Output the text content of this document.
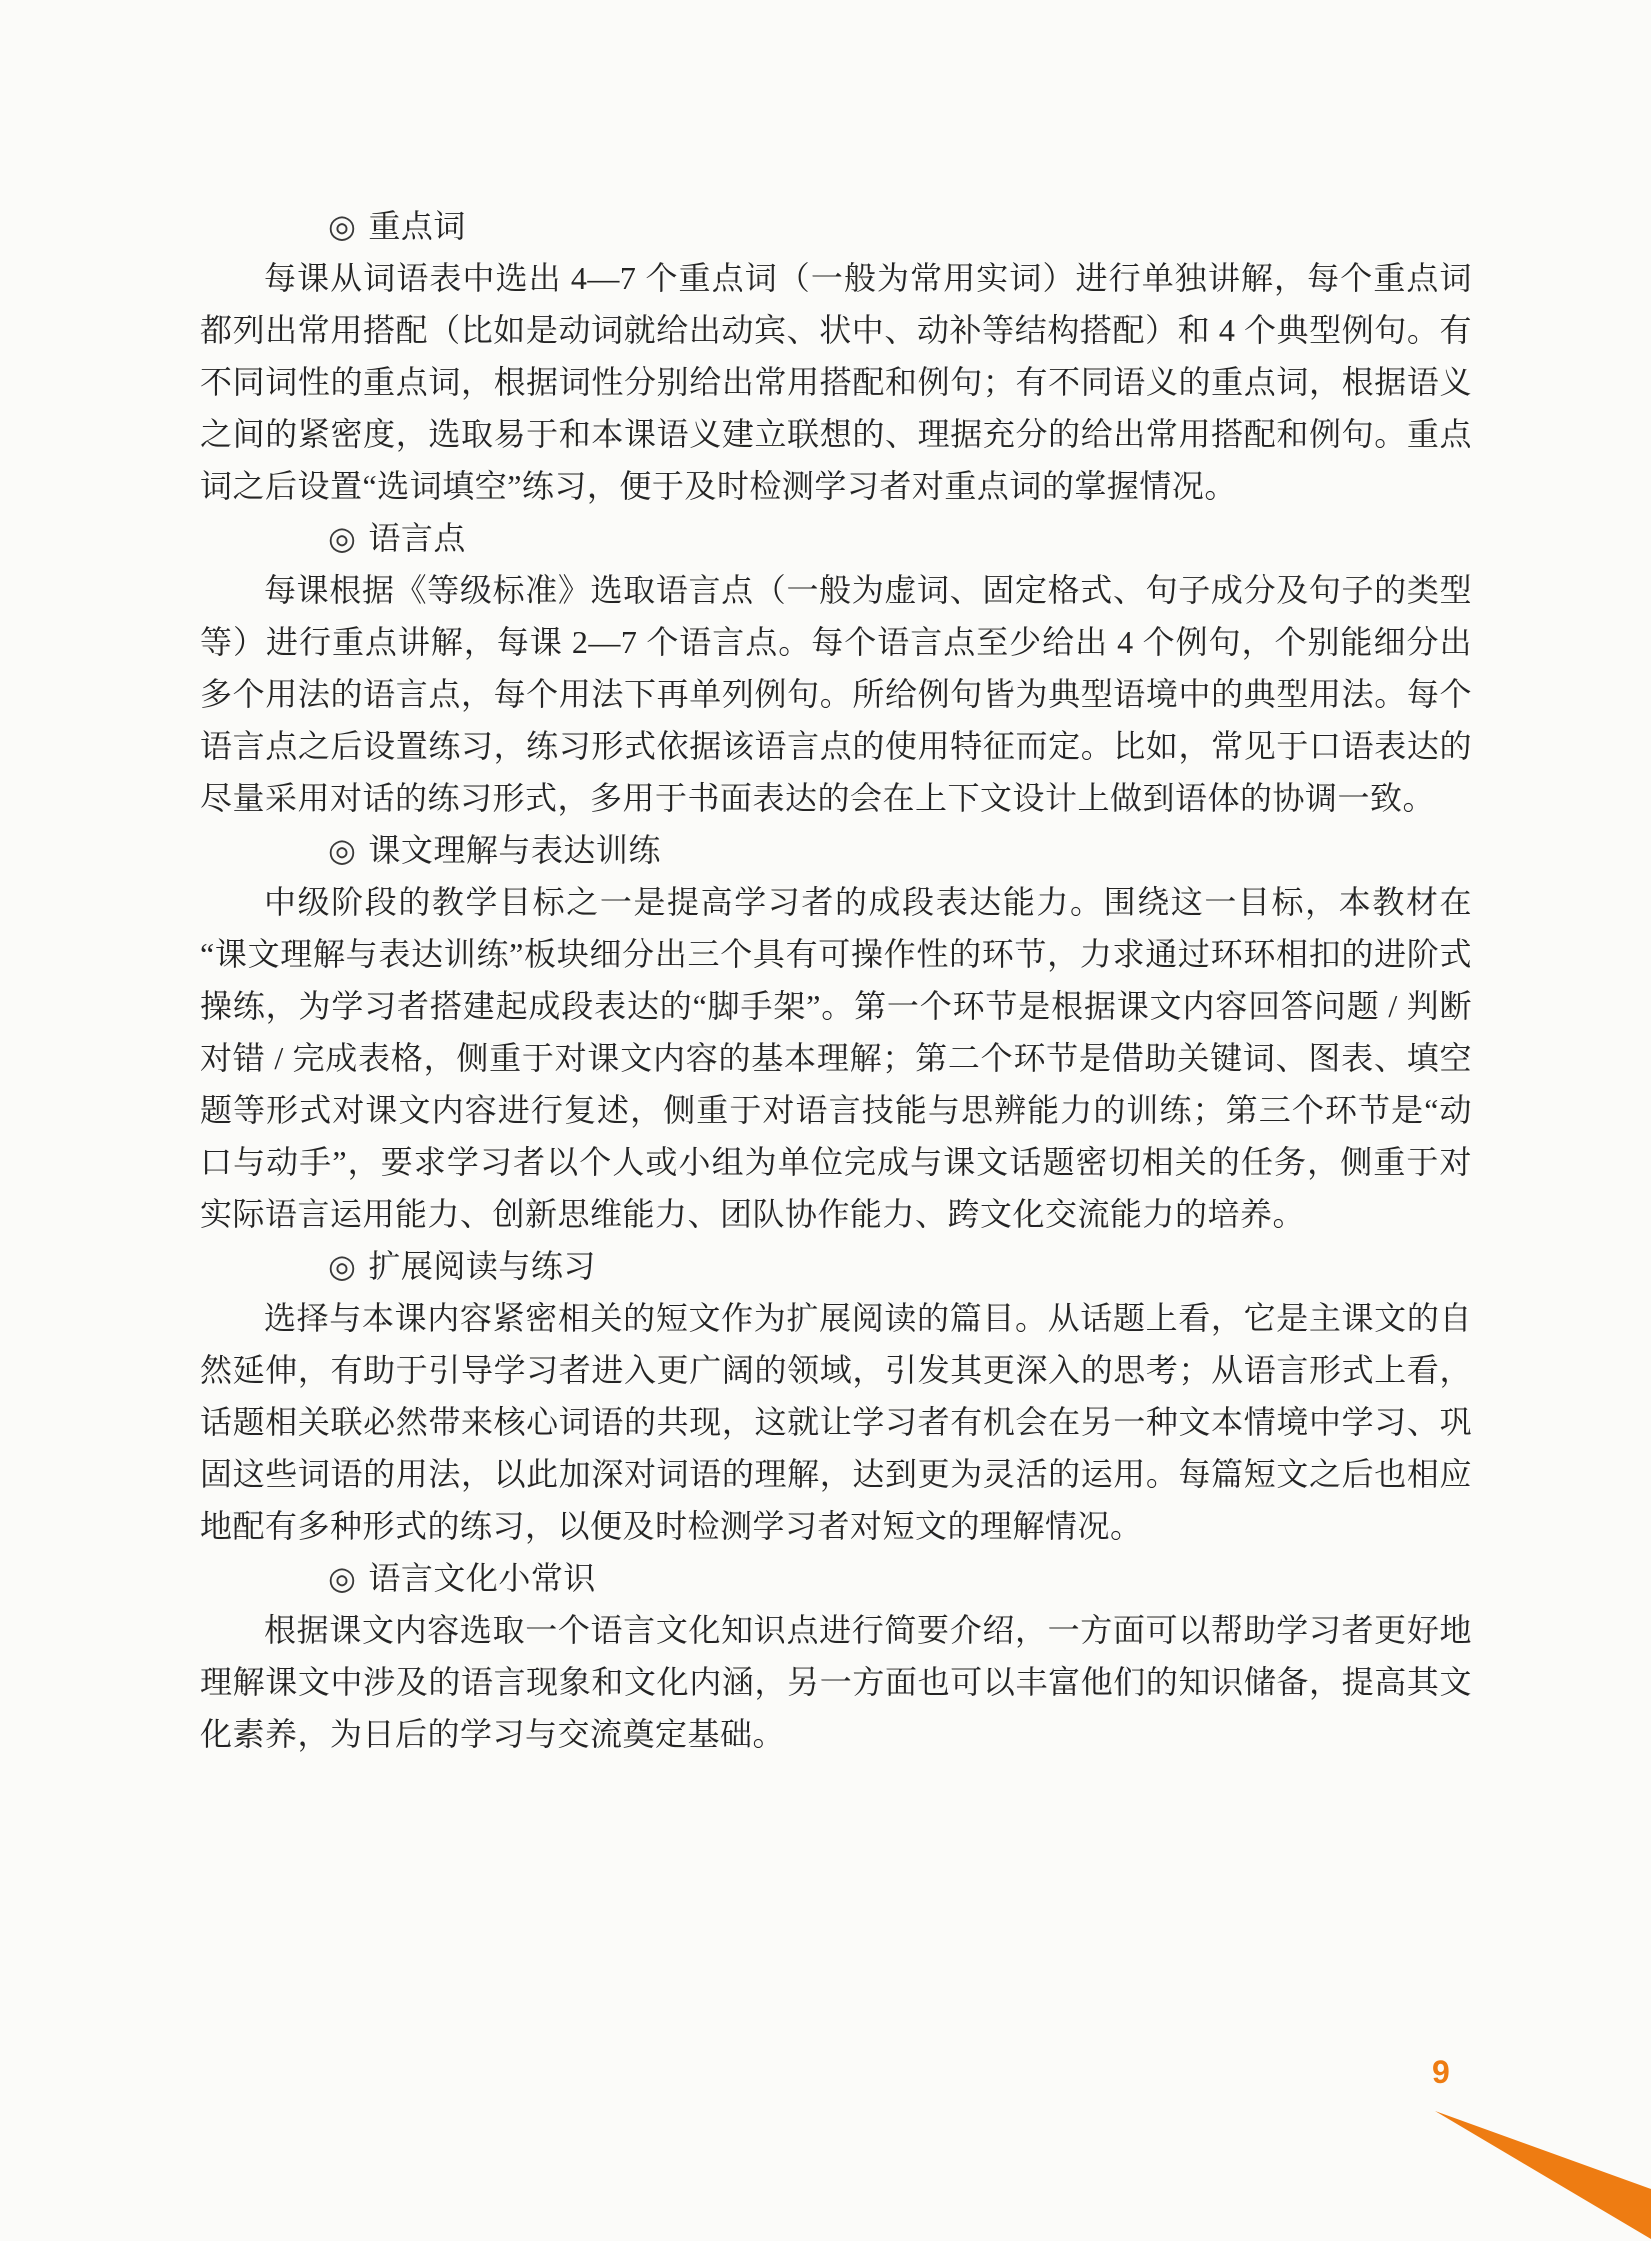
◎ 重点词

每课从词语表中选出 4—7 个重点词（一般为常用实词）进行单独讲解，每个重点词都列出常用搭配（比如是动词就给出动宾、状中、动补等结构搭配）和 4 个典型例句。有不同词性的重点词，根据词性分别给出常用搭配和例句；有不同语义的重点词，根据语义之间的紧密度，选取易于和本课语义建立联想的、理据充分的给出常用搭配和例句。重点词之后设置“选词填空”练习，便于及时检测学习者对重点词的掌握情况。

◎ 语言点

每课根据《等级标准》选取语言点（一般为虚词、固定格式、句子成分及句子的类型等）进行重点讲解，每课 2—7 个语言点。每个语言点至少给出 4 个例句，个别能细分出多个用法的语言点，每个用法下再单列例句。所给例句皆为典型语境中的典型用法。每个语言点之后设置练习，练习形式依据该语言点的使用特征而定。比如，常见于口语表达的尽量采用对话的练习形式，多用于书面表达的会在上下文设计上做到语体的协调一致。

◎ 课文理解与表达训练

中级阶段的教学目标之一是提高学习者的成段表达能力。围绕这一目标，本教材在“课文理解与表达训练”板块细分出三个具有可操作性的环节，力求通过环环相扣的进阶式操练，为学习者搭建起成段表达的“脚手架”。第一个环节是根据课文内容回答问题 / 判断对错 / 完成表格，侧重于对课文内容的基本理解；第二个环节是借助关键词、图表、填空题等形式对课文内容进行复述，侧重于对语言技能与思辨能力的训练；第三个环节是“动口与动手”，要求学习者以个人或小组为单位完成与课文话题密切相关的任务，侧重于对实际语言运用能力、创新思维能力、团队协作能力、跨文化交流能力的培养。

◎ 扩展阅读与练习

选择与本课内容紧密相关的短文作为扩展阅读的篇目。从话题上看，它是主课文的自然延伸，有助于引导学习者进入更广阔的领域，引发其更深入的思考；从语言形式上看，话题相关联必然带来核心词语的共现，这就让学习者有机会在另一种文本情境中学习、巩固这些词语的用法，以此加深对词语的理解，达到更为灵活的运用。每篇短文之后也相应地配有多种形式的练习，以便及时检测学习者对短文的理解情况。

◎ 语言文化小常识

根据课文内容选取一个语言文化知识点进行简要介绍，一方面可以帮助学习者更好地理解课文中涉及的语言现象和文化内涵，另一方面也可以丰富他们的知识储备，提高其文化素养，为日后的学习与交流奠定基础。

9
